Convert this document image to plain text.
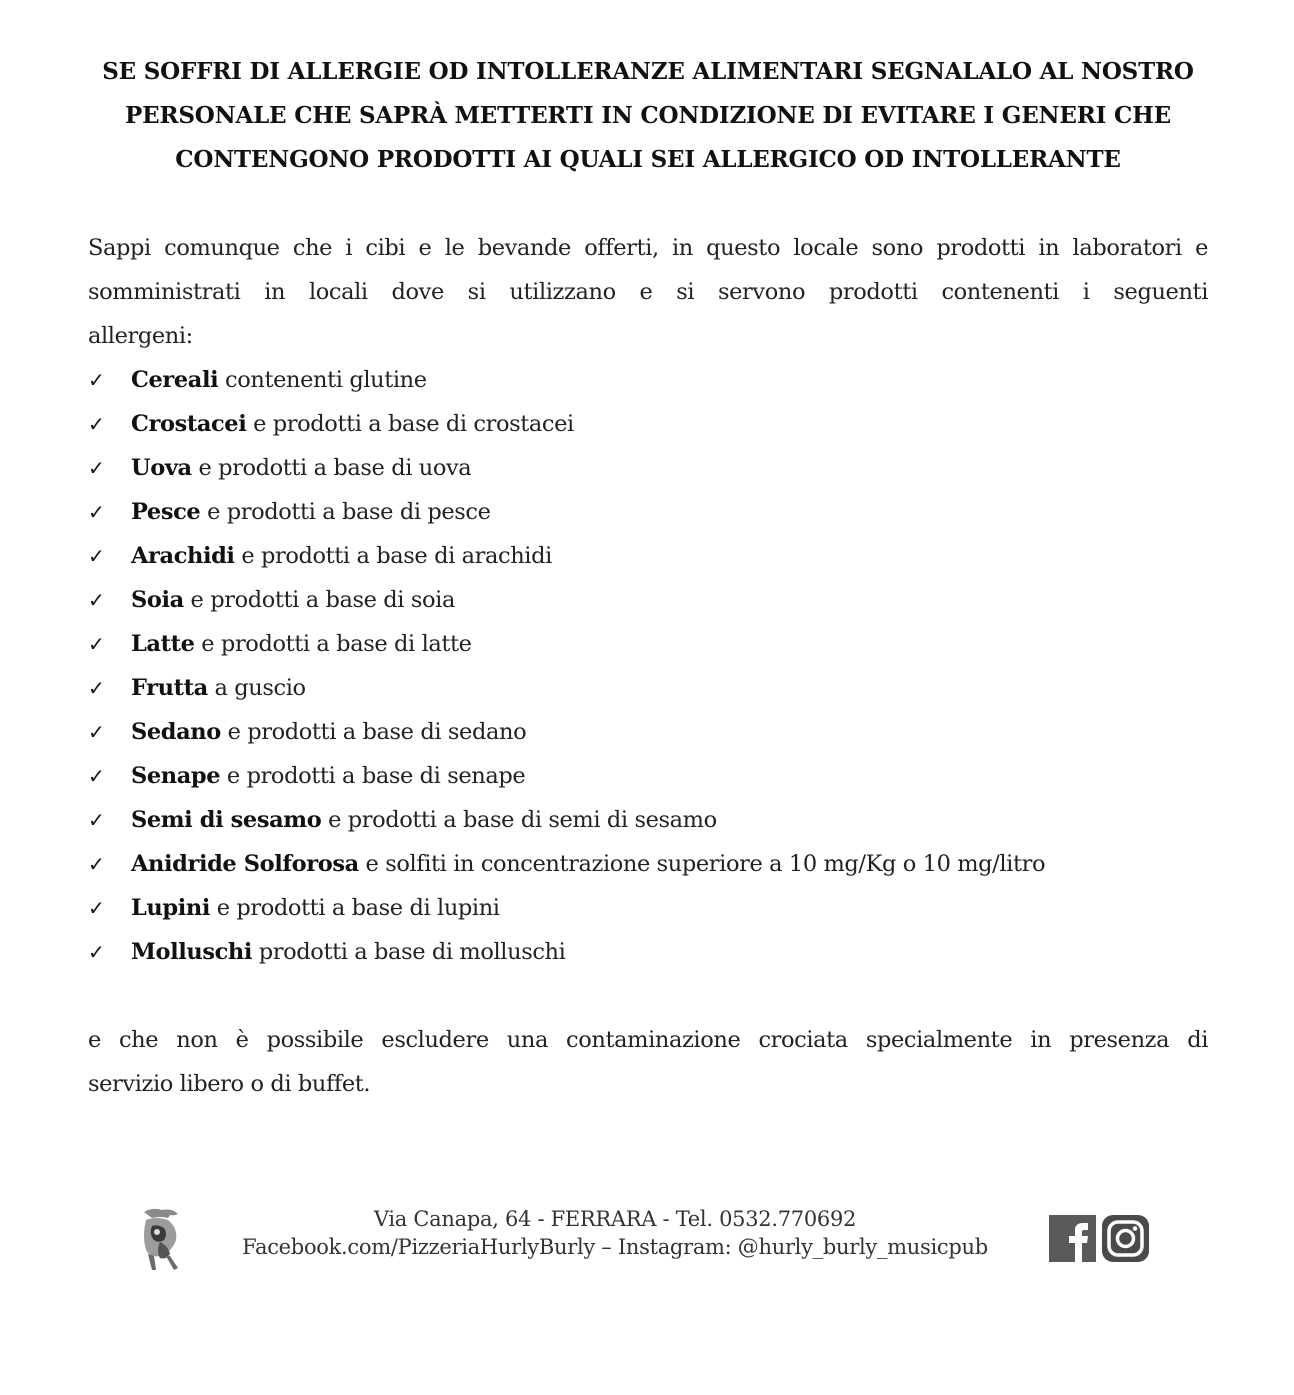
SE SOFFRI DI ALLERGIE OD INTOLLERANZE ALIMENTARI SEGNALALO AL NOSTRO
PERSONALE CHE SAPRÀ METTERTI IN CONDIZIONE DI EVITARE I GENERI CHE
CONTENGONO PRODOTTI AI QUALI SEI ALLERGICO OD INTOLLERANTE
Sappi comunque che i cibi e le bevande offerti, in questo locale sono prodotti in laboratori e
somministrati in locali dove si utilizzano e si servono prodotti contenenti i seguenti
allergeni:
✓ Cereali contenenti glutine
✓ Crostacei e prodotti a base di crostacei
✓ Uova e prodotti a base di uova
✓ Pesce e prodotti a base di pesce
✓ Arachidi e prodotti a base di arachidi
✓ Soia e prodotti a base di soia
✓ Latte e prodotti a base di latte
✓ Frutta a guscio
✓ Sedano e prodotti a base di sedano
✓ Senape e prodotti a base di senape
✓ Semi di sesamo e prodotti a base di semi di sesamo
✓ Anidride Solforosa e solfiti in concentrazione superiore a 10 mg/Kg o 10 mg/litro
✓ Lupini e prodotti a base di lupini
✓ Molluschi prodotti a base di molluschi
e che non è possibile escludere una contaminazione crociata specialmente in presenza di
servizio libero o di buffet.
Via Canapa, 64 - FERRARA - Tel. 0532.770692
Facebook.com/PizzeriaHurlyBurly – Instagram: @hurly_burly_musicpub
